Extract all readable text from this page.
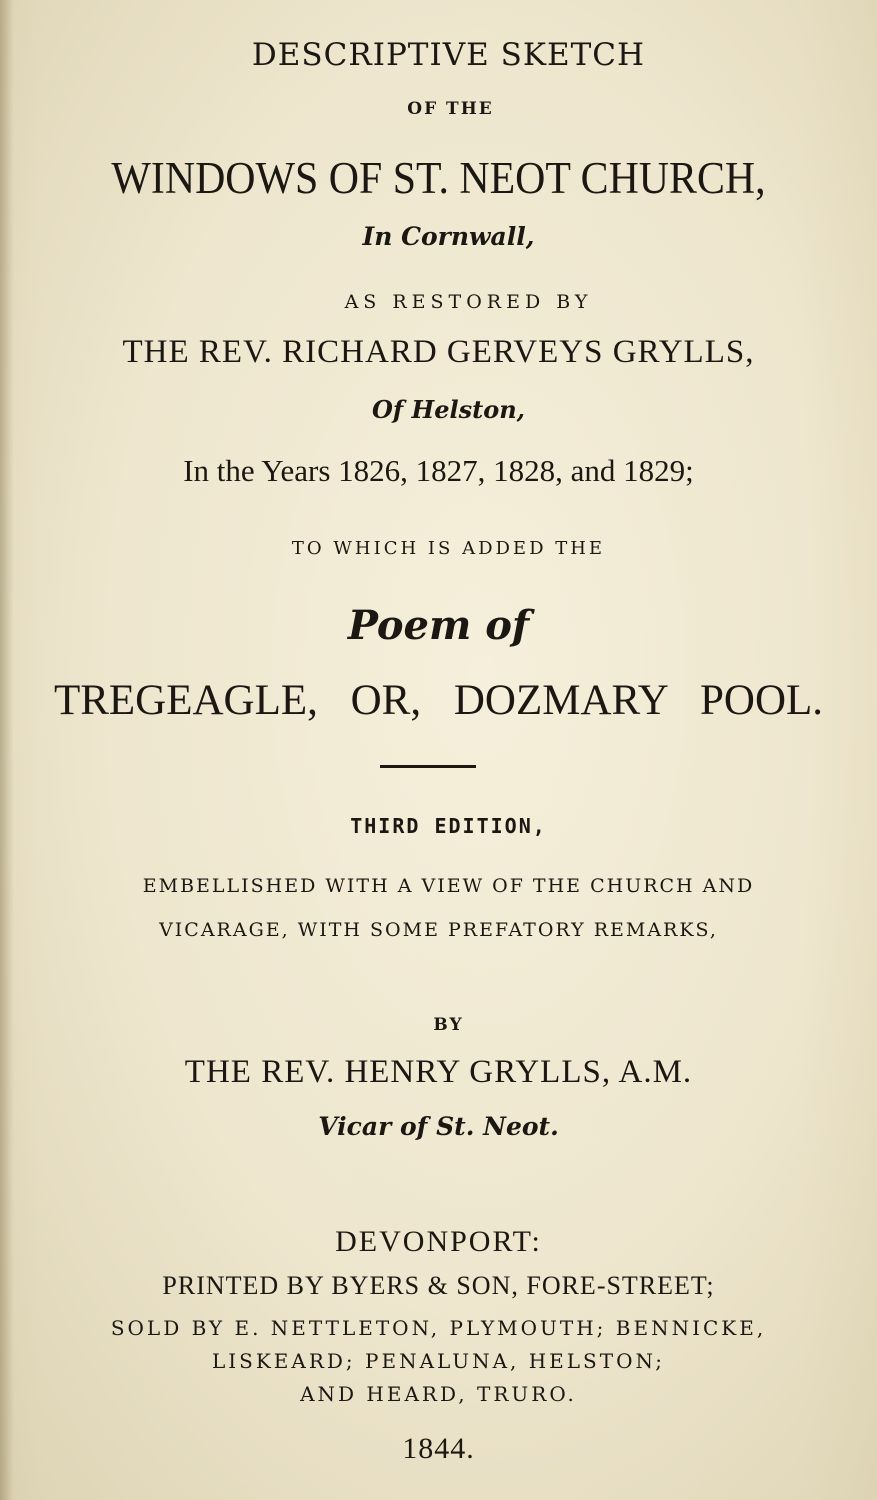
DESCRIPTIVE SKETCH
OF THE
WINDOWS OF ST. NEOT CHURCH,
In Cornwall,
AS RESTORED BY
THE REV. RICHARD GERVEYS GRYLLS,
Of Helston,
In the Years 1826, 1827, 1828, and 1829;
TO WHICH IS ADDED THE
Poem of
TREGEAGLE, OR, DOZMARY POOL.
THIRD EDITION,
EMBELLISHED WITH A VIEW OF THE CHURCH AND
VICARAGE, WITH SOME PREFATORY REMARKS,
BY
THE REV. HENRY GRYLLS, A.M.
Vicar of St. Neot.
DEVONPORT:
PRINTED BY BYERS & SON, FORE-STREET;
SOLD BY E. NETTLETON, PLYMOUTH; BENNICKE,
LISKEARD; PENALUNA, HELSTON;
AND HEARD, TRURO.
1844.
